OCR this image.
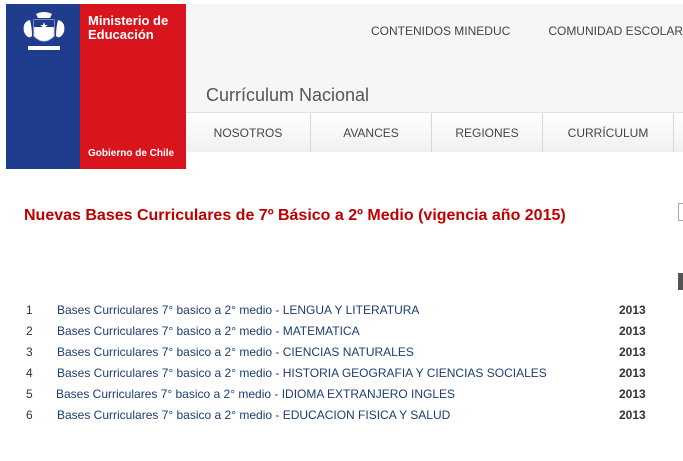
Ministerio de
Educación
Gobierno de Chile
CONTENIDOS MINEDUC	COMUNIDAD ESCOLAR
Currículum Nacional
NOSOTROS	AVANCES	REGIONES	CURRÍCULUM
Nuevas Bases Curriculares de 7º Básico a 2º Medio (vigencia año 2015)
1 Bases Curriculares 7° basico a 2° medio - LENGUA Y LITERATURA	2013
2 Bases Curriculares 7° basico a 2° medio - MATEMATICA	2013
3 Bases Curriculares 7° basico a 2° medio - CIENCIAS NATURALES	2013
4 Bases Curriculares 7° basico a 2° medio - HISTORIA GEOGRAFIA Y CIENCIAS SOCIALES	2013
5 Bases Curriculares 7° basico a 2° medio - IDIOMA EXTRANJERO INGLES	2013
6 Bases Curriculares 7° basico a 2° medio - EDUCACION FISICA Y SALUD	2013
